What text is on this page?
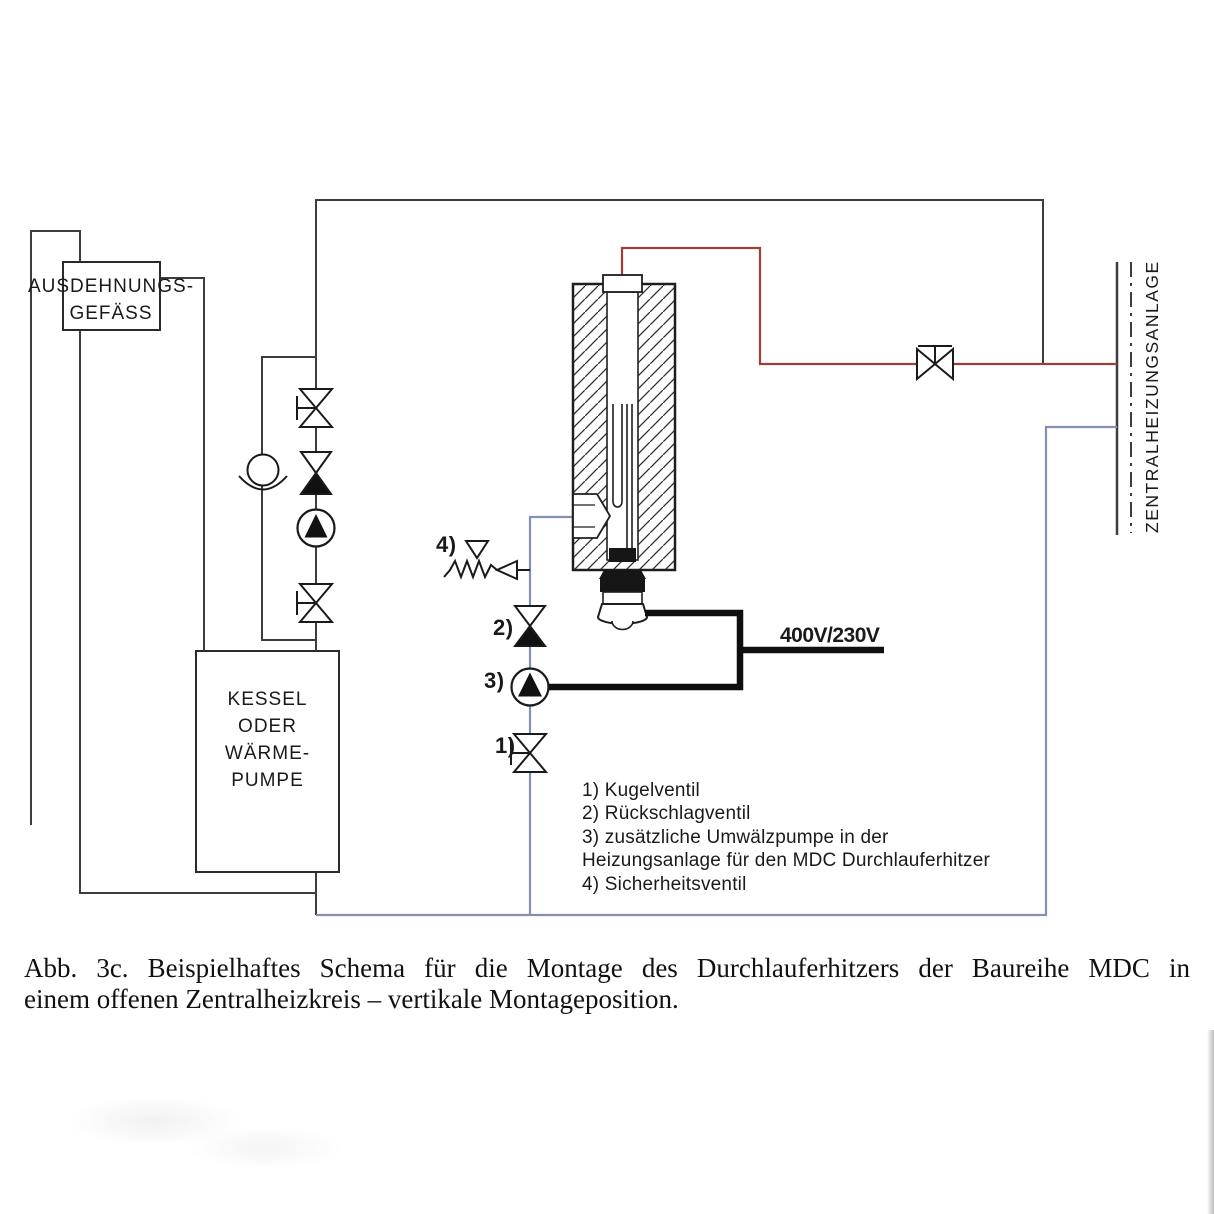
AUSDEHNUNGS-
GEFÄSS
KESSEL
ODER
WÄRME-
PUMPE
ZENTRALHEIZUNGSANLAGE
400V/230V
4)
2)
3)
1)
1) Kugelventil
2) Rückschlagventil
3) zusätzliche Umwälzpumpe in der
Heizungsanlage für den MDC Durchlauferhitzer
4) Sicherheitsventil
Abb. 3c. Beispielhaftes Schema für die Montage des Durchlauferhitzers der Baureihe MDC in
einem offenen Zentralheizkreis – vertikale Montageposition.
